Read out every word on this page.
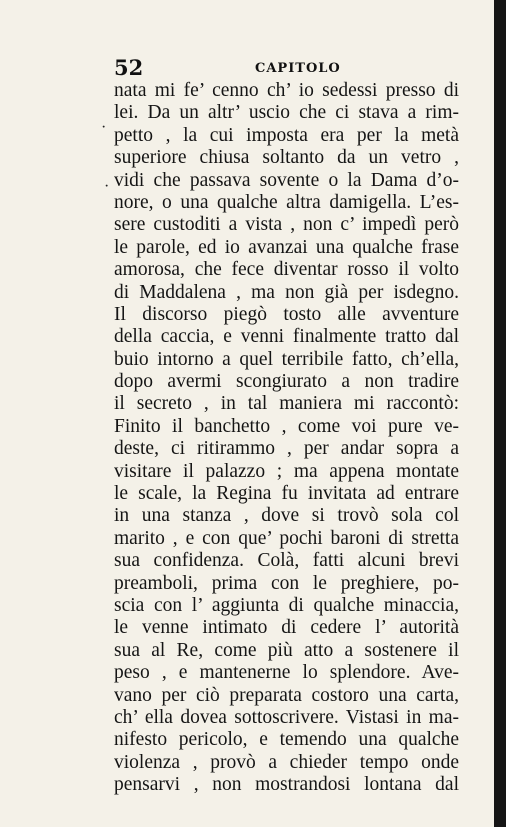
52	CAPITOLO
nata mi fe’ cenno ch’ io sedessi presso di
lei. Da un altr’ uscio che ci stava a rim-
petto , la cui imposta era per la metà
superiore chiusa soltanto da un vetro ,
vidi che passava sovente o la Dama d’o-
nore, o una qualche altra damigella. L’es-
sere custoditi a vista , non c’ impedì però
le parole, ed io avanzai una qualche frase
amorosa, che fece diventar rosso il volto
di Maddalena , ma non già per isdegno.
Il discorso piegò tosto alle avventure
della caccia, e venni finalmente tratto dal
buio intorno a quel terribile fatto, ch’ella,
dopo avermi scongiurato a non tradire
il secreto , in tal maniera mi raccontò:
Finito il banchetto , come voi pure ve-
deste, ci ritirammo , per andar sopra a
visitare il palazzo ; ma appena montate
le scale, la Regina fu invitata ad entrare
in una stanza , dove si trovò sola col
marito , e con que’ pochi baroni di stretta
sua confidenza. Colà, fatti alcuni brevi
preamboli, prima con le preghiere, po-
scia con l’ aggiunta di qualche minaccia,
le venne intimato di cedere l’ autorità
sua al Re, come più atto a sostenere il
peso , e mantenerne lo splendore. Ave-
vano per ciò preparata costoro una carta,
ch’ ella dovea sottoscrivere. Vistasi in ma-
nifesto pericolo, e temendo una qualche
violenza , provò a chieder tempo onde
pensarvi , non mostrandosi lontana dal
·
·
